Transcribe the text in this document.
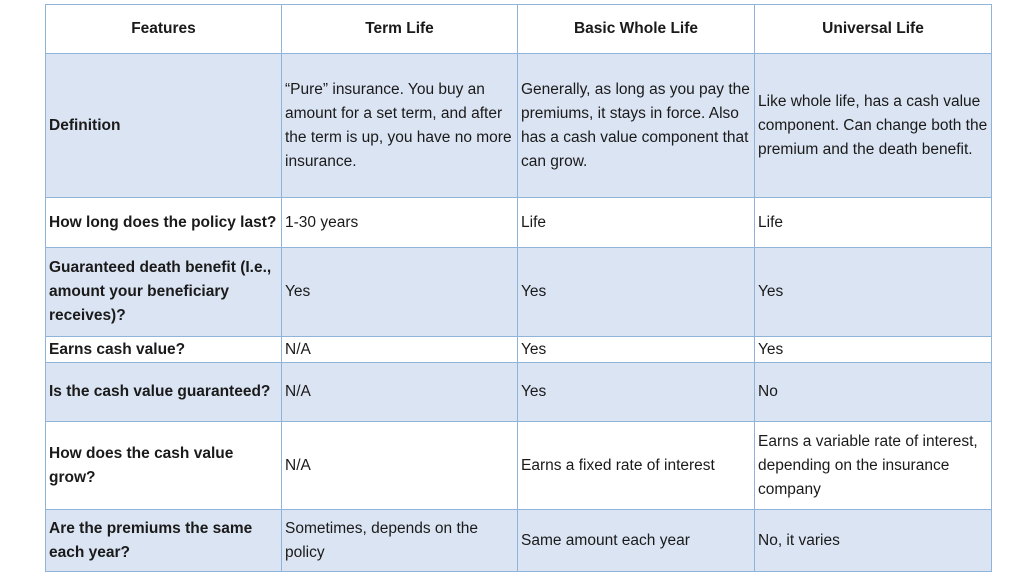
Features	Term Life	Basic Whole Life	Universal Life
Definition	“Pure” insurance. You buy an amount for a set term, and after the term is up, you have no more insurance.	Generally, as long as you pay the premiums, it stays in force. Also has a cash value component that can grow.	Like whole life, has a cash value component. Can change both the premium and the death benefit.
How long does the policy last?	1-30 years	Life	Life
Guaranteed death benefit (I.e., amount your beneficiary receives)?	Yes	Yes	Yes
Earns cash value?	N/A	Yes	Yes
Is the cash value guaranteed?	N/A	Yes	No
How does the cash value grow?	N/A	Earns a fixed rate of interest	Earns a variable rate of interest, depending on the insurance company
Are the premiums the same each year?	Sometimes, depends on the policy	Same amount each year	No, it varies
